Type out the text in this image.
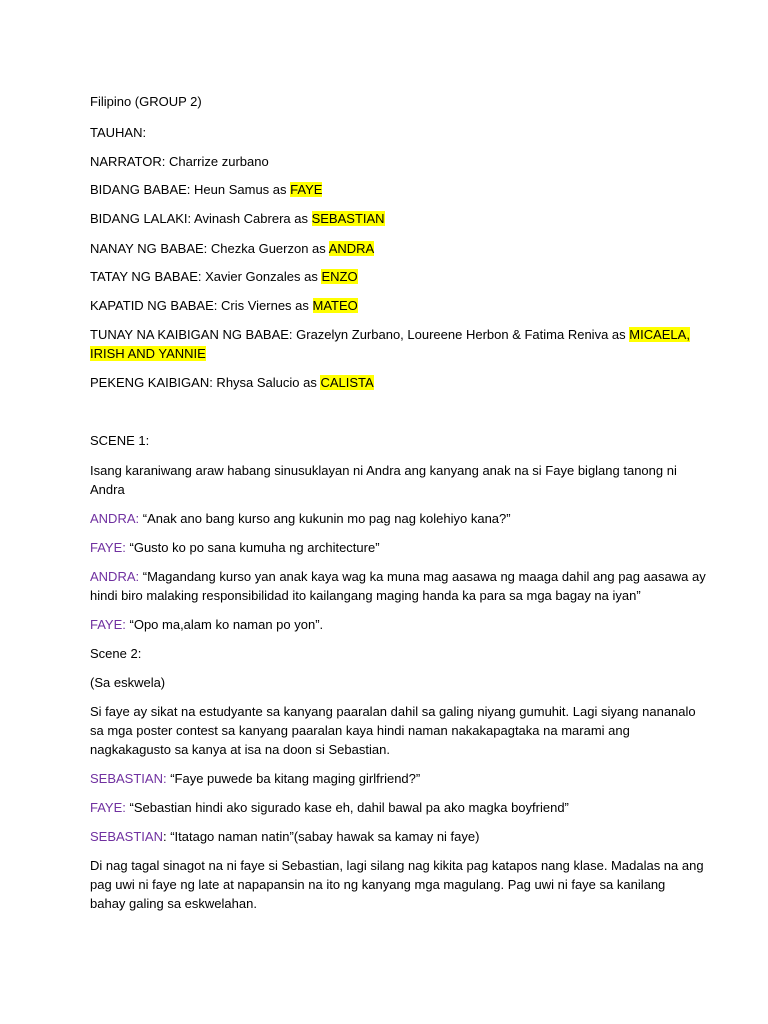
Filipino (GROUP 2)
TAUHAN:
NARRATOR: Charrize zurbano
BIDANG BABAE: Heun Samus as FAYE
BIDANG LALAKI: Avinash Cabrera as SEBASTIAN
NANAY NG BABAE: Chezka Guerzon as ANDRA
TATAY NG BABAE: Xavier Gonzales as ENZO
KAPATID NG BABAE: Cris Viernes as MATEO
TUNAY NA KAIBIGAN NG BABAE: Grazelyn Zurbano, Loureene Herbon & Fatima Reniva as MICAELA,
IRISH AND YANNIE
PEKENG KAIBIGAN: Rhysa Salucio as CALISTA
SCENE 1:
Isang karaniwang araw habang sinusuklayan ni Andra ang kanyang anak na si Faye biglang tanong ni
Andra
ANDRA: “Anak ano bang kurso ang kukunin mo pag nag kolehiyo kana?”
FAYE: “Gusto ko po sana kumuha ng architecture”
ANDRA: “Magandang kurso yan anak kaya wag ka muna mag aasawa ng maaga dahil ang pag aasawa ay
hindi biro malaking responsibilidad ito kailangang maging handa ka para sa mga bagay na iyan”
FAYE: “Opo ma,alam ko naman po yon”.
Scene 2:
(Sa eskwela)
Si faye ay sikat na estudyante sa kanyang paaralan dahil sa galing niyang gumuhit. Lagi siyang nananalo
sa mga poster contest sa kanyang paaralan kaya hindi naman nakakapagtaka na marami ang
nagkakagusto sa kanya at isa na doon si Sebastian.
SEBASTIAN: “Faye puwede ba kitang maging girlfriend?”
FAYE: “Sebastian hindi ako sigurado kase eh, dahil bawal pa ako magka boyfriend”
SEBASTIAN: “Itatago naman natin”(sabay hawak sa kamay ni faye)
Di nag tagal sinagot na ni faye si Sebastian, lagi silang nag kikita pag katapos nang klase. Madalas na ang
pag uwi ni faye ng late at napapansin na ito ng kanyang mga magulang. Pag uwi ni faye sa kanilang
bahay galing sa eskwelahan.
